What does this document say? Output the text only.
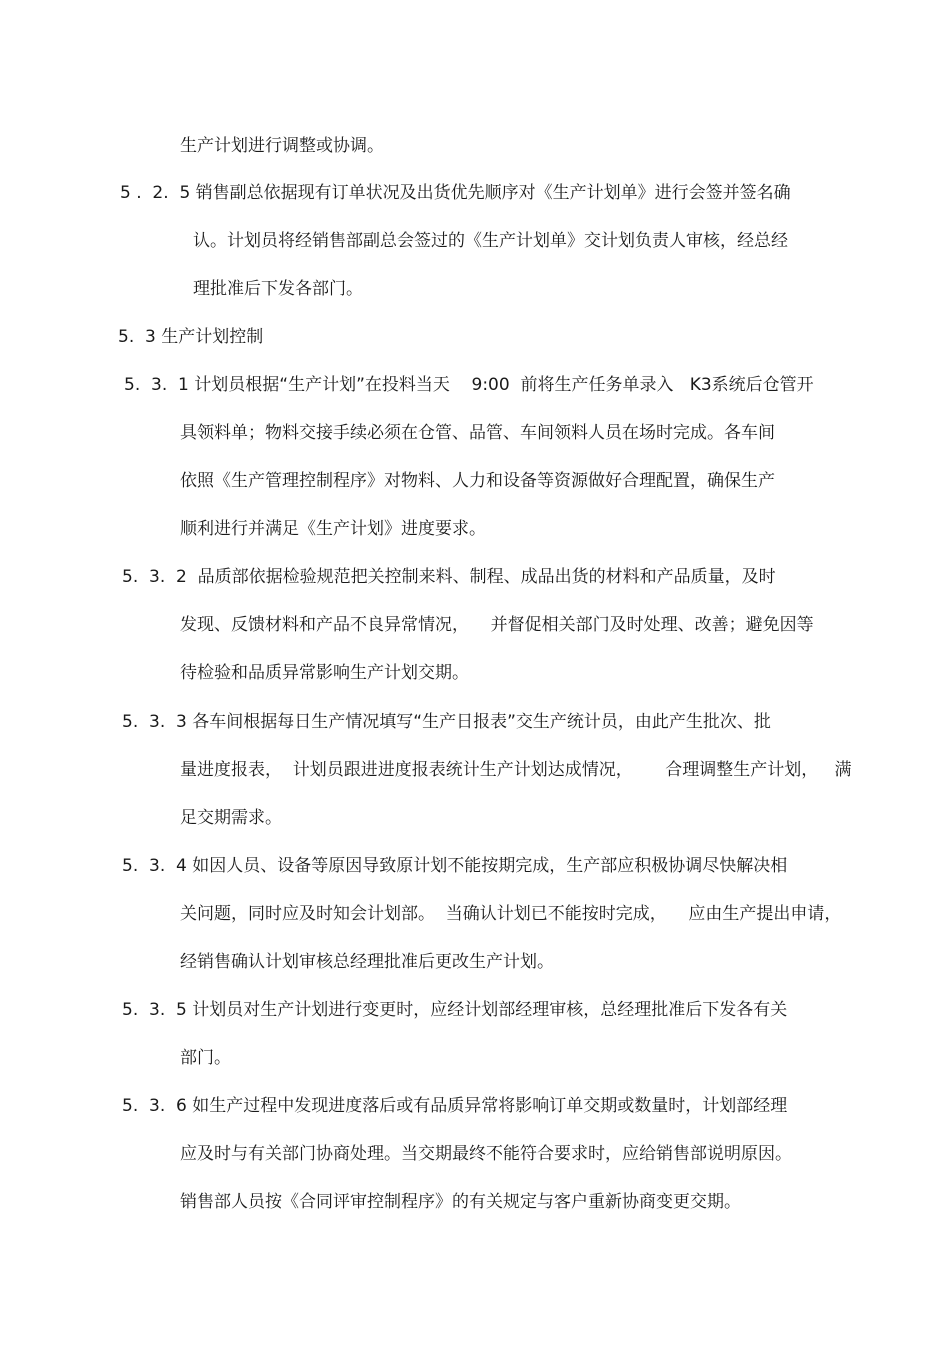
生产计划进行调整或协调。
5 .  2.  5 销售副总依据现有订单状况及出货优先顺序对《生产计划单》进行会签并签名确
认。计划员将经销售部副总会签过的《生产计划单》交计划负责人审核，经总经
理批准后下发各部门。
5.  3 生产计划控制
5.  3.  1 计划员根据“生产计划”在投料当天    9:00  前将生产任务单录入   K3系统后仓管开
具领料单；物料交接手续必须在仓管、品管、车间领料人员在场时完成。各车间
依照《生产管理控制程序》对物料、人力和设备等资源做好合理配置，确保生产
顺利进行并满足《生产计划》进度要求。
5.  3.  2  品质部依据检验规范把关控制来料、制程、成品出货的材料和产品质量，及时
发现、反馈材料和产品不良异常情况，    并督促相关部门及时处理、改善；避免因等
待检验和品质异常影响生产计划交期。
5.  3.  3 各车间根据每日生产情况填写“生产日报表”交生产统计员，由此产生批次、批
量进度报表，  计划员跟进进度报表统计生产计划达成情况，      合理调整生产计划，   满
足交期需求。
5.  3.  4 如因人员、设备等原因导致原计划不能按期完成，生产部应积极协调尽快解决相
关问题，同时应及时知会计划部。  当确认计划已不能按时完成，    应由生产提出申请，
经销售确认计划审核总经理批准后更改生产计划。
5.  3.  5 计划员对生产计划进行变更时，应经计划部经理审核，总经理批准后下发各有关
部门。
5.  3.  6 如生产过程中发现进度落后或有品质异常将影响订单交期或数量时，计划部经理
应及时与有关部门协商处理。当交期最终不能符合要求时，应给销售部说明原因。
销售部人员按《合同评审控制程序》的有关规定与客户重新协商变更交期。
